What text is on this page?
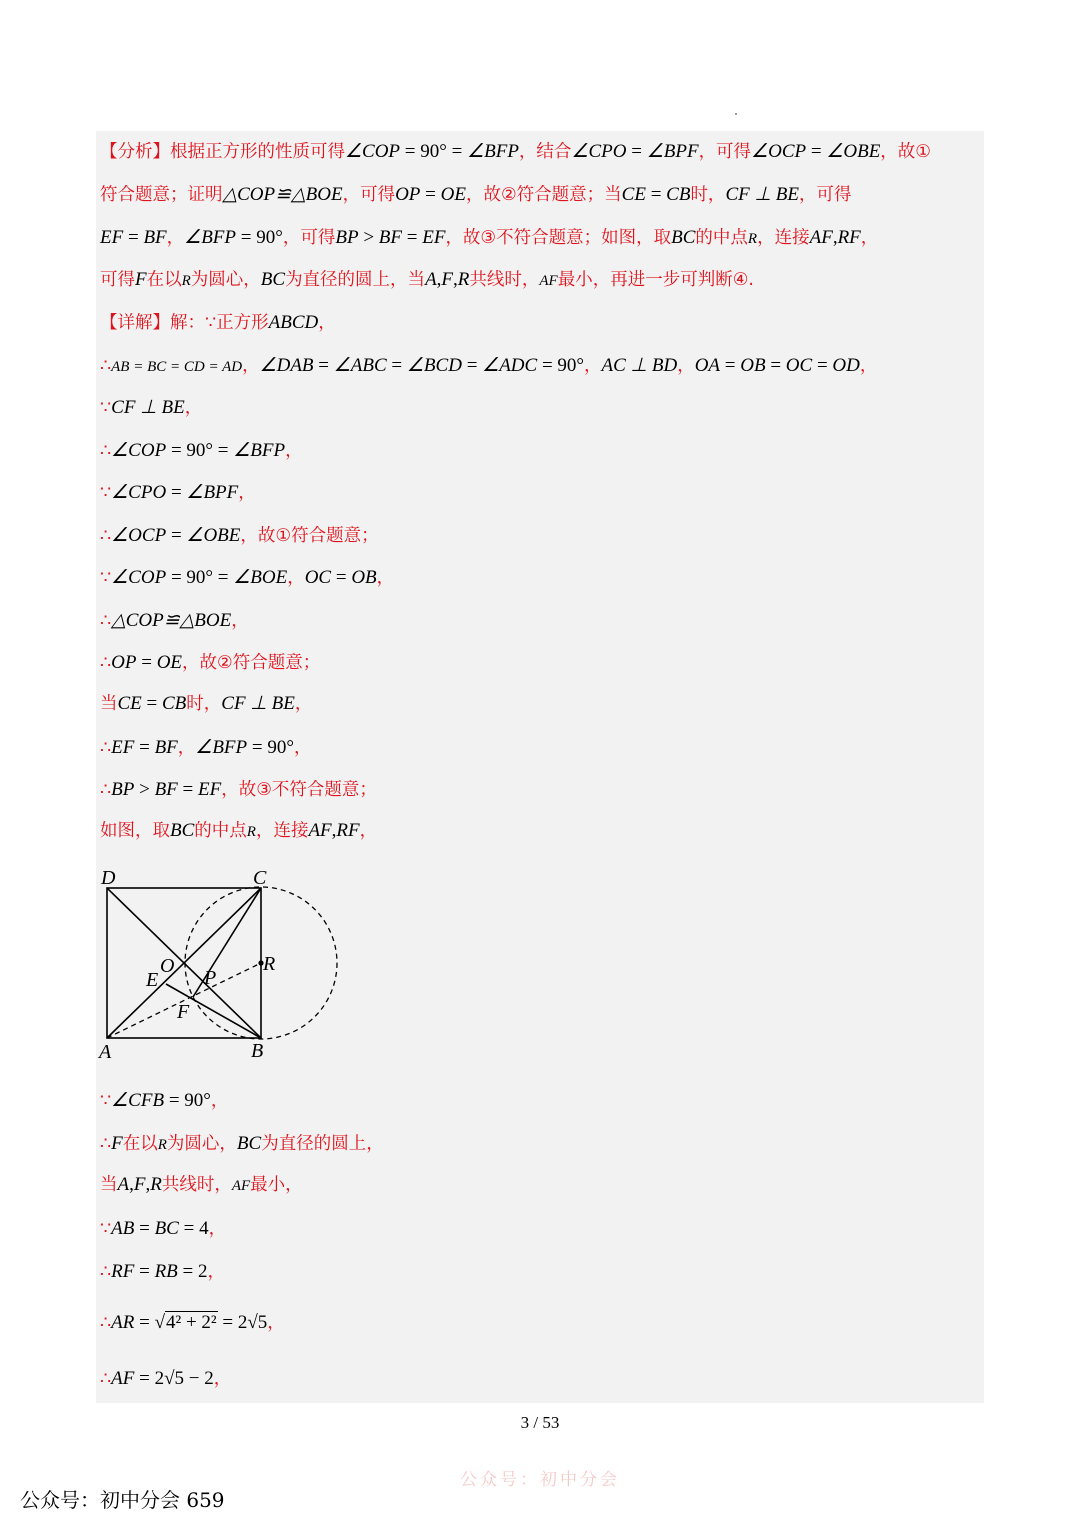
【分析】根据正方形的性质可得∠COP = 90° = ∠BFP，结合∠CPO = ∠BPF，可得∠OCP = ∠OBE，故①
符合题意；证明△COP≌△BOE，可得OP = OE，故②符合题意；当CE = CB时，CF ⊥ BE，可得
EF = BF，∠BFP = 90°，可得BP > BF = EF，故③不符合题意；如图，取BC的中点R，连接AF,RF，
可得F在以R为圆心，BC为直径的圆上，当A,F,R共线时，AF最小，再进一步可判断④.
【详解】解：∵正方形ABCD，
∴AB = BC = CD = AD，∠DAB = ∠ABC = ∠BCD = ∠ADC = 90°，AC ⊥ BD，OA = OB = OC = OD，
∵CF ⊥ BE，
∴∠COP = 90° = ∠BFP，
∵∠CPO = ∠BPF，
∴∠OCP = ∠OBE，故①符合题意；
∵∠COP = 90° = ∠BOE，OC = OB，
∴△COP≌△BOE，
∴OP = OE，故②符合题意；
当CE = CB时，CF ⊥ BE，
∴EF = BF，∠BFP = 90°，
∴BP > BF = EF，故③不符合题意；
如图，取BC的中点R，连接AF,RF，
∵∠CFB = 90°，
∴F在以R为圆心，BC为直径的圆上，
当A,F,R共线时，AF最小，
∵AB = BC = 4，
∴RF = RB = 2，
∴AR = √4² + 2² = 2√5，
∴AF = 2√5 − 2，
D	C
A	B
O
E P
R
F
3 / 53
公众号：初中分会
公众号：初中分会 659
